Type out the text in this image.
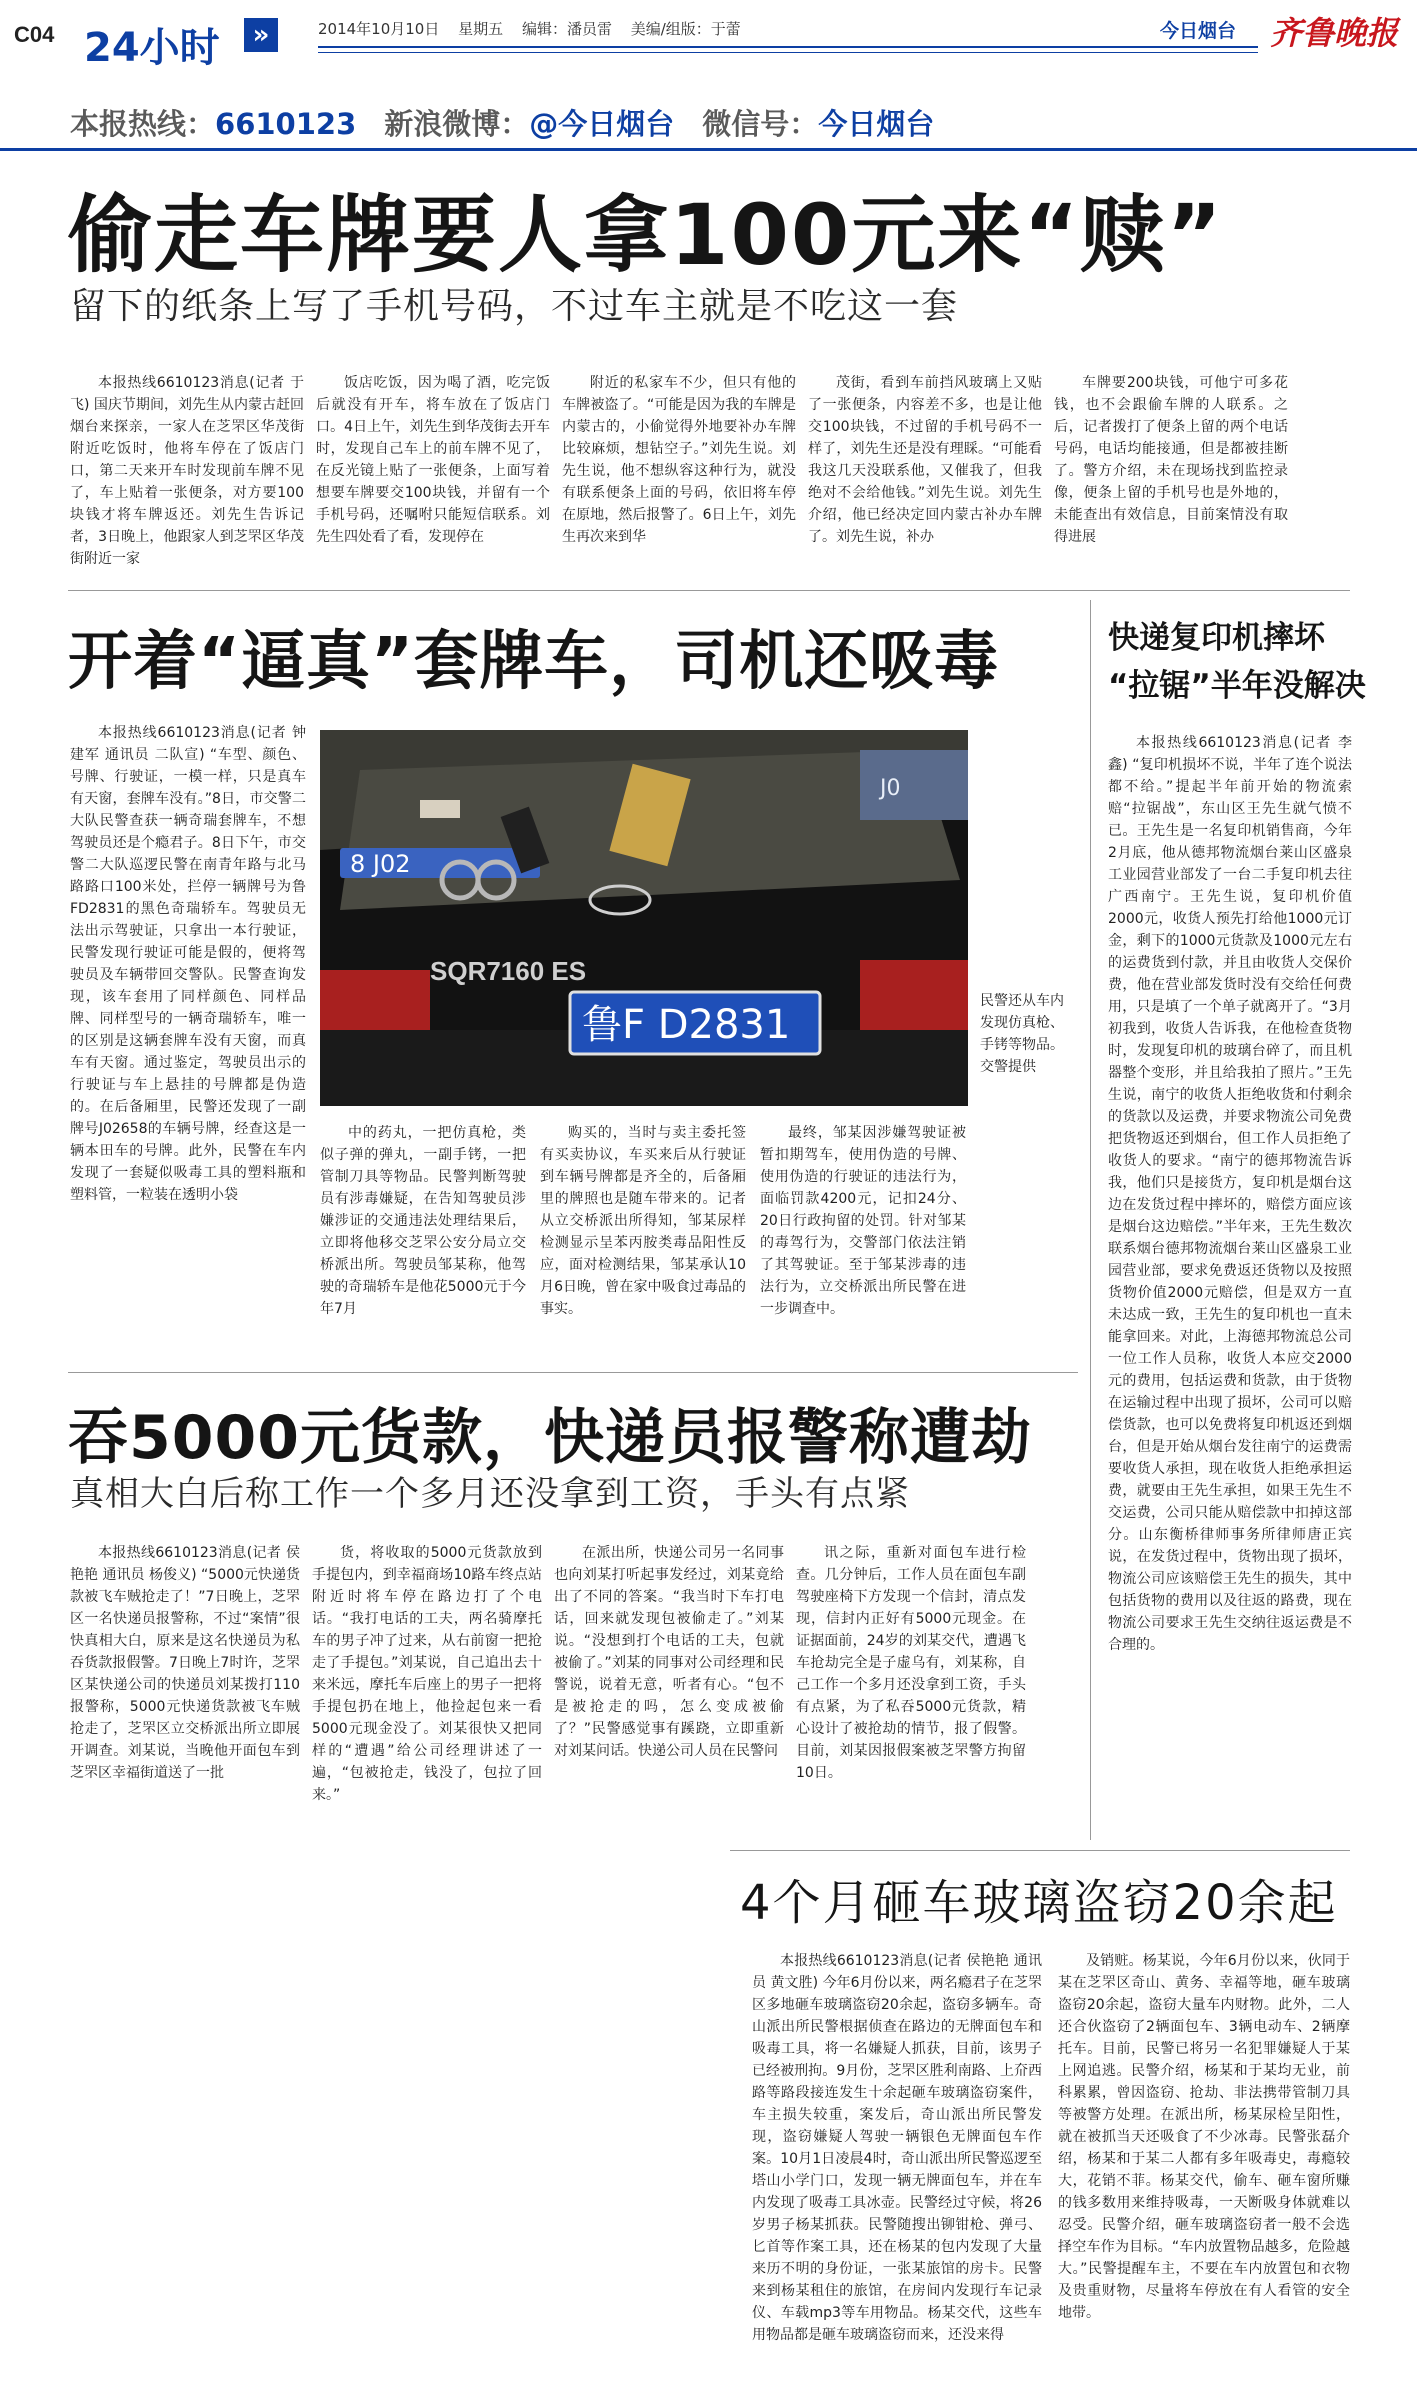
C04 24小时	»	2014年10月10日 星期五 编辑：潘员雷 美编/组版：于蕾	今日烟台 齐鲁晚报
本报热线：6610123 新浪微博：@今日烟台 微信号：今日烟台
偷走车牌要人拿100元来“赎”
留下的纸条上写了手机号码，不过车主就是不吃这一套

本报热线6610123消息(记者 于飞) 国庆节期间，刘先生从内蒙古赶回烟台来探亲，一家人在芝罘区华茂街附近吃饭时，他将车停在了饭店门口，第二天来开车时发现前车牌不见了，车上贴着一张便条，对方要100块钱才将车牌返还。刘先生告诉记者，3日晚上，他跟家人到芝罘区华茂街附近一家

饭店吃饭，因为喝了酒，吃完饭后就没有开车，将车放在了饭店门口。4日上午，刘先生到华茂街去开车时，发现自己车上的前车牌不见了，在反光镜上贴了一张便条，上面写着想要车牌要交100块钱，并留有一个手机号码，还嘱咐只能短信联系。刘先生四处看了看，发现停在

附近的私家车不少，但只有他的车牌被盗了。“可能是因为我的车牌是内蒙古的，小偷觉得外地要补办车牌比较麻烦，想钻空子。”刘先生说。刘先生说，他不想纵容这种行为，就没有联系便条上面的号码，依旧将车停在原地，然后报警了。6日上午，刘先生再次来到华

茂街，看到车前挡风玻璃上又贴了一张便条，内容差不多，也是让他交100块钱，不过留的手机号码不一样了，刘先生还是没有理睬。“可能看我这几天没联系他，又催我了，但我绝对不会给他钱。”刘先生说。刘先生介绍，他已经决定回内蒙古补办车牌了。刘先生说，补办

车牌要200块钱，可他宁可多花钱，也不会跟偷车牌的人联系。之后，记者拨打了便条上留的两个电话号码，电话均能接通，但是都被挂断了。警方介绍，未在现场找到监控录像，便条上留的手机号也是外地的，未能查出有效信息，目前案情没有取得进展

开着“逼真”套牌车，司机还吸毒

本报热线6610123消息(记者 钟建军 通讯员 二队宣) “车型、颜色、号牌、行驶证，一模一样，只是真车有天窗，套牌车没有。”8日，市交警二大队民警查获一辆奇瑞套牌车，不想驾驶员还是个瘾君子。8日下午，市交警二大队巡逻民警在南青年路与北马路路口100米处，拦停一辆牌号为鲁FD2831的黑色奇瑞轿车。驾驶员无法出示驾驶证，只拿出一本行驶证，民警发现行驶证可能是假的，便将驾驶员及车辆带回交警队。民警查询发现，该车套用了同样颜色、同样品牌、同样型号的一辆奇瑞轿车，唯一的区别是这辆套牌车没有天窗，而真车有天窗。通过鉴定，驾驶员出示的行驶证与车上悬挂的号牌都是伪造的。在后备厢里，民警还发现了一副牌号J02658的车辆号牌，经查这是一辆本田车的号牌。此外，民警在车内发现了一套疑似吸毒工具的塑料瓶和塑料管，一粒装在透明小袋

J0
8 J02
SQR7160 ES
鲁F D2831
民警还从车内发现仿真枪、手铐等物品。交警提供

中的药丸，一把仿真枪，类似子弹的弹丸，一副手铐，一把管制刀具等物品。民警判断驾驶员有涉毒嫌疑，在告知驾驶员涉嫌涉证的交通违法处理结果后，立即将他移交芝罘公安分局立交桥派出所。驾驶员邹某称，他驾驶的奇瑞轿车是他花5000元于今年7月

购买的，当时与卖主委托签有买卖协议，车买来后从行驶证到车辆号牌都是齐全的，后备厢里的牌照也是随车带来的。记者从立交桥派出所得知，邹某尿样检测显示呈苯丙胺类毒品阳性反应，面对检测结果，邹某承认10月6日晚，曾在家中吸食过毒品的事实。

最终，邹某因涉嫌驾驶证被暂扣期驾车，使用伪造的号牌、使用伪造的行驶证的违法行为，面临罚款4200元，记扣24分、20日行政拘留的处罚。针对邹某的毒驾行为，交警部门依法注销了其驾驶证。至于邹某涉毒的违法行为，立交桥派出所民警在进一步调查中。

快递复印机摔坏
“拉锯”半年没解决

本报热线6610123消息(记者 李鑫) “复印机损坏不说，半年了连个说法都不给。”提起半年前开始的物流索赔“拉锯战”，东山区王先生就气愤不已。王先生是一名复印机销售商，今年2月底，他从德邦物流烟台莱山区盛泉工业园营业部发了一台二手复印机去往广西南宁。王先生说，复印机价值2000元，收货人预先打给他1000元订金，剩下的1000元货款及1000元左右的运费货到付款，并且由收货人交保价费，他在营业部发货时没有交给任何费用，只是填了一个单子就离开了。“3月初我到，收货人告诉我，在他检查货物时，发现复印机的玻璃台碎了，而且机器整个变形，并且给我拍了照片。”王先生说，南宁的收货人拒绝收货和付剩余的货款以及运费，并要求物流公司免费把货物返还到烟台，但工作人员拒绝了收货人的要求。“南宁的德邦物流告诉我，他们只是接货方，复印机是烟台这边在发货过程中摔坏的，赔偿方面应该是烟台这边赔偿。”半年来，王先生数次联系烟台德邦物流烟台莱山区盛泉工业园营业部，要求免费返还货物以及按照货物价值2000元赔偿，但是双方一直未达成一致，王先生的复印机也一直未能拿回来。对此，上海德邦物流总公司一位工作人员称，收货人本应交2000元的费用，包括运费和货款，由于货物在运输过程中出现了损坏，公司可以赔偿货款，也可以免费将复印机返还到烟台，但是开始从烟台发往南宁的运费需要收货人承担，现在收货人拒绝承担运费，就要由王先生承担，如果王先生不交运费，公司只能从赔偿款中扣掉这部分。山东衡桥律师事务所律师唐正宾说，在发货过程中，货物出现了损坏，物流公司应该赔偿王先生的损失，其中包括货物的费用以及往返的路费，现在物流公司要求王先生交纳往返运费是不合理的。

吞5000元货款，快递员报警称遭劫
真相大白后称工作一个多月还没拿到工资，手头有点紧

本报热线6610123消息(记者 侯艳艳 通讯员 杨俊义) “5000元快递货款被飞车贼抢走了！”7日晚上，芝罘区一名快递员报警称，不过“案情”很快真相大白，原来是这名快递员为私吞货款报假警。7日晚上7时许，芝罘区某快递公司的快递员刘某拨打110报警称，5000元快递货款被飞车贼抢走了，芝罘区立交桥派出所立即展开调查。刘某说，当晚他开面包车到芝罘区幸福街道送了一批

货，将收取的5000元货款放到手提包内，到幸福商场10路车终点站附近时将车停在路边打了个电话。“我打电话的工夫，两名骑摩托车的男子冲了过来，从右前窗一把抢走了手提包。”刘某说，自己追出去十来米远，摩托车后座上的男子一把将手提包扔在地上，他捡起包来一看5000元现金没了。刘某很快又把同样的“遭遇”给公司经理讲述了一遍，“包被抢走，钱没了，包拉了回来。”

在派出所，快递公司另一名同事也向刘某打听起事发经过，刘某竟给出了不同的答案。“我当时下车打电话，回来就发现包被偷走了。”刘某说。“没想到打个电话的工夫，包就被偷了。”刘某的同事对公司经理和民警说，说着无意，听者有心。“包不是被抢走的吗，怎么变成被偷了？”民警感觉事有蹊跷，立即重新对刘某问话。快递公司人员在民警问

讯之际，重新对面包车进行检查。几分钟后，工作人员在面包车副驾驶座椅下方发现一个信封，清点发现，信封内正好有5000元现金。在证据面前，24岁的刘某交代，遭遇飞车抢劫完全是子虚乌有，刘某称，自己工作一个多月还没拿到工资，手头有点紧，为了私吞5000元货款，精心设计了被抢劫的情节，报了假警。目前，刘某因报假案被芝罘警方拘留10日。

4个月砸车玻璃盗窃20余起

本报热线6610123消息(记者 侯艳艳 通讯员 黄文胜) 今年6月份以来，两名瘾君子在芝罘区多地砸车玻璃盗窃20余起，盗窃多辆车。奇山派出所民警根据侦查在路边的无牌面包车和吸毒工具，将一名嫌疑人抓获，目前，该男子已经被刑拘。9月份，芝罘区胜利南路、上夼西路等路段接连发生十余起砸车玻璃盗窃案件，车主损失较重，案发后，奇山派出所民警发现，盗窃嫌疑人驾驶一辆银色无牌面包车作案。10月1日凌晨4时，奇山派出所民警巡逻至塔山小学门口，发现一辆无牌面包车，并在车内发现了吸毒工具冰壶。民警经过守候，将26岁男子杨某抓获。民警随搜出铆钳枪、弹弓、匕首等作案工具，还在杨某的包内发现了大量来历不明的身份证，一张某旅馆的房卡。民警来到杨某租住的旅馆，在房间内发现行车记录仪、车载mp3等车用物品。杨某交代，这些车用物品都是砸车玻璃盗窃而来，还没来得

及销赃。杨某说，今年6月份以来，伙同于某在芝罘区奇山、黄务、幸福等地，砸车玻璃盗窃20余起，盗窃大量车内财物。此外，二人还合伙盗窃了2辆面包车、3辆电动车、2辆摩托车。目前，民警已将另一名犯罪嫌疑人于某上网追逃。民警介绍，杨某和于某均无业，前科累累，曾因盗窃、抢劫、非法携带管制刀具等被警方处理。在派出所，杨某尿检呈阳性，就在被抓当天还吸食了不少冰毒。民警张磊介绍，杨某和于某二人都有多年吸毒史，毒瘾较大，花销不菲。杨某交代，偷车、砸车窗所赚的钱多数用来维持吸毒，一天断吸身体就难以忍受。民警介绍，砸车玻璃盗窃者一般不会选择空车作为目标。“车内放置物品越多，危险越大。”民警提醒车主，不要在车内放置包和衣物及贵重财物，尽量将车停放在有人看管的安全地带。
